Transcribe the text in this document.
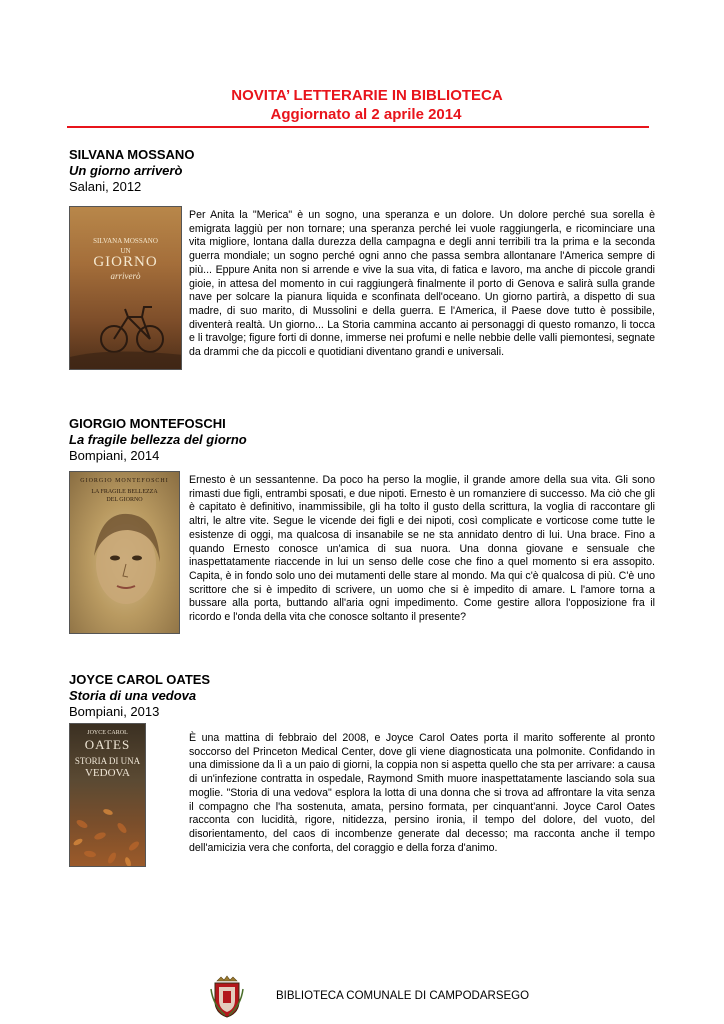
NOVITA’ LETTERARIE IN BIBLIOTECA
Aggiornato al 2 aprile 2014
SILVANA MOSSANO
Un giorno arriverò
Salani, 2012
SILVANA MOSSANO
UN
GIORNO
arriverò
Per Anita la "Merica" è un sogno, una speranza e un dolore. Un dolore perché sua sorella è emigrata laggiù per non tornare; una speranza perché lei vuole raggiungerla, e ricominciare una vita migliore, lontana dalla durezza della campagna e degli anni terribili tra la prima e la seconda guerra mondiale; un sogno perché ogni anno che passa sembra allontanare l'America sempre di più... Eppure Anita non si arrende e vive la sua vita, di fatica e lavoro, ma anche di piccole grandi gioie, in attesa del momento in cui raggiungerà finalmente il porto di Genova e salirà sulla grande nave per solcare la pianura liquida e sconfinata dell'oceano. Un giorno partirà, a dispetto di sua madre, di suo marito, di Mussolini e della guerra. E l'America, il Paese dove tutto è possibile, diventerà realtà. Un giorno... La Storia cammina accanto ai personaggi di questo romanzo, li tocca e li travolge; figure forti di donne, immerse nei profumi e nelle nebbie delle valli piemontesi, segnate da drammi che da piccoli e quotidiani diventano grandi e universali.
GIORGIO MONTEFOSCHI
La fragile bellezza del giorno
Bompiani, 2014
GIORGIO MONTEFOSCHI
LA FRAGILE BELLEZZA
DEL GIORNO
Ernesto è un sessantenne. Da poco ha perso la moglie, il grande amore della sua vita. Gli sono rimasti due figli, entrambi sposati, e due nipoti. Ernesto è un romanziere di successo. Ma ciò che gli è capitato è definitivo, inammissibile, gli ha tolto il gusto della scrittura, la voglia di raccontare gli altri, le altre vite. Segue le vicende dei figli e dei nipoti, così complicate e vorticose come tutte le esistenze di oggi, ma qualcosa di insanabile se ne sta annidato dentro di lui. Una brace. Fino a quando Ernesto conosce un'amica di sua nuora. Una donna giovane e sensuale che inaspettatamente riaccende in lui un senso delle cose che fino a quel momento si era assopito. Capita, è in fondo solo uno dei mutamenti delle stare al mondo. Ma qui c'è qualcosa di più. C'è uno scrittore che si è impedito di scrivere, un uomo che si è impedito di amare. L l'amore torna a bussare alla porta, buttando all'aria ogni impedimento. Come gestire allora l'opposizione fra il ricordo e l'onda della vita che conosce soltanto il presente?
JOYCE CAROL OATES
Storia di una vedova
Bompiani, 2013
JOYCE CAROL
OATES
STORIA DI UNA
VEDOVA
È una mattina di febbraio del 2008, e Joyce Carol Oates porta il marito sofferente al pronto soccorso del Princeton Medical Center, dove gli viene diagnosticata una polmonite. Confidando in una dimissione da lì a un paio di giorni, la coppia non si aspetta quello che sta per arrivare: a causa di un'infezione contratta in ospedale, Raymond Smith muore inaspettatamente lasciando sola sua moglie. "Storia di una vedova" esplora la lotta di una donna che si trova ad affrontare la vita senza il compagno che l'ha sostenuta, amata, persino formata, per cinquant'anni. Joyce Carol Oates racconta con lucidità, rigore, nitidezza, persino ironia, il tempo del dolore, del vuoto, del disorientamento, del caos di incombenze generate dal decesso; ma racconta anche il tempo dell'amicizia vera che conforta, del coraggio e della forza d'animo.
BIBLIOTECA COMUNALE DI CAMPODARSEGO
